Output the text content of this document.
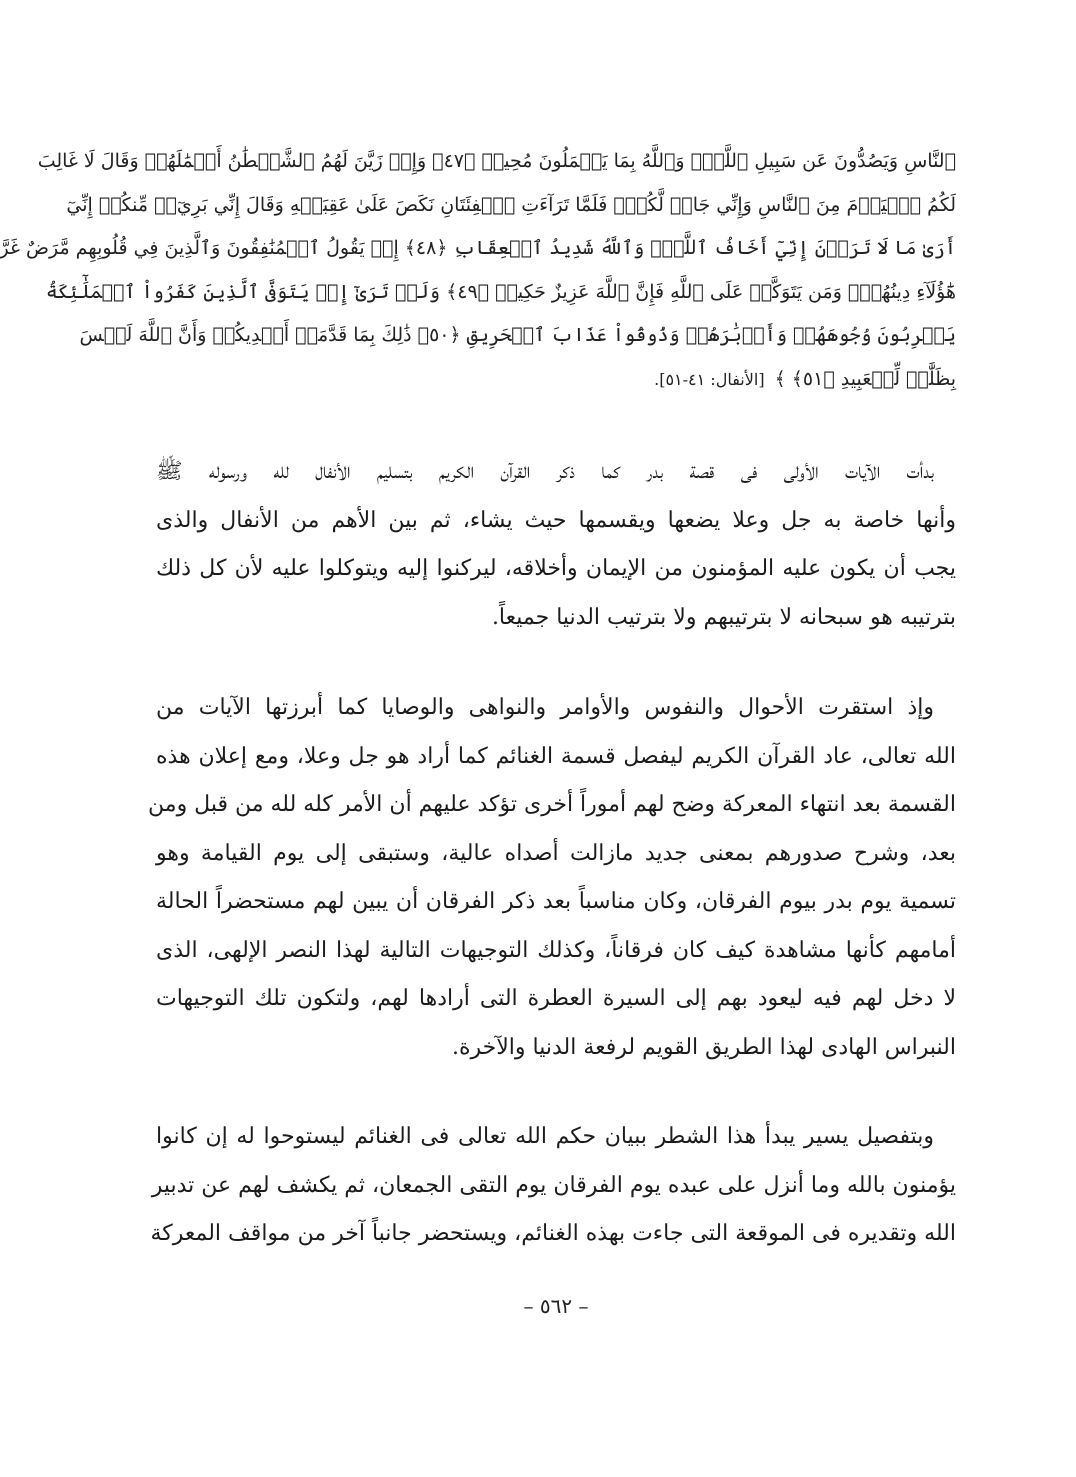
ٱلنَّاسِ وَيَصُدُّونَ عَن سَبِيلِ ٱللَّهِۚ وَٱللَّهُ بِمَا يَعۡمَلُونَ مُحِيطٞ ﴿٤٧﴾ وَإِذۡ زَيَّنَ لَهُمُ ٱلشَّيۡطَٰنُ أَعۡمَٰلَهُمۡ وَقَالَ لَا غَالِبَ
لَكُمُ ٱلۡيَوۡمَ مِنَ ٱلنَّاسِ وَإِنِّي جَارٞ لَّكُمۡۖ فَلَمَّا تَرَآءَتِ ٱلۡفِئَتَانِ نَكَصَ عَلَىٰ عَقِبَيۡهِ وَقَالَ إِنِّي بَرِيٓءٞ مِّنكُمۡ إِنِّيٓ
أَرَىٰ مَا لَا تَرَوۡنَ إِنِّيٓ أَخَافُ ٱللَّهَۚ وَٱللَّهُ شَدِيدُ ٱلۡعِقَابِ ﴿٤٨﴾ إِذۡ يَقُولُ ٱلۡمُنَٰفِقُونَ وَٱلَّذِينَ فِي قُلُوبِهِم مَّرَضٌ غَرَّ
هَٰٓؤُلَآءِ دِينُهُمۡۗ وَمَن يَتَوَكَّلۡ عَلَى ٱللَّهِ فَإِنَّ ٱللَّهَ عَزِيزٌ حَكِيمٞ ﴿٤٩﴾ وَلَوۡ تَرَىٰٓ إِذۡ يَتَوَفَّى ٱلَّذِينَ كَفَرُواْ ٱلۡمَلَٰٓئِكَةُ
يَضۡرِبُونَ وُجُوهَهُمۡ وَأَدۡبَٰرَهُمۡ وَذُوقُواْ عَذَابَ ٱلۡحَرِيقِ ﴿٥٠﴾ ذَٰلِكَ بِمَا قَدَّمَتۡ أَيۡدِيكُمۡ وَأَنَّ ٱللَّهَ لَيۡسَ
بِظَلَّٰمٖ لِّلۡعَبِيدِ ﴿٥١﴾ ﴾ [الأنفال: ٤١-٥١].
بدأت الآيات الأولى فى قصة بدر كما ذكر القرآن الكريم بتسليم الأنفال لله ورسوله ﷺ
وأنها خاصة به جل وعلا يضعها ويقسمها حيث يشاء، ثم بين الأهم من الأنفال والذى
يجب أن يكون عليه المؤمنون من الإيمان وأخلاقه، ليركنوا إليه ويتوكلوا عليه لأن كل ذلك
بترتيبه هو سبحانه لا بترتيبهم ولا بترتيب الدنيا جميعاً.
وإذ استقرت الأحوال والنفوس والأوامر والنواهى والوصايا كما أبرزتها الآيات من
الله تعالى، عاد القرآن الكريم ليفصل قسمة الغنائم كما أراد هو جل وعلا، ومع إعلان هذه
القسمة بعد انتهاء المعركة وضح لهم أموراً أخرى تؤكد عليهم أن الأمر كله لله من قبل ومن
بعد، وشرح صدورهم بمعنى جديد مازالت أصداه عالية، وستبقى إلى يوم القيامة وهو
تسمية يوم بدر بيوم الفرقان، وكان مناسباً بعد ذكر الفرقان أن يبين لهم مستحضراً الحالة
أمامهم كأنها مشاهدة كيف كان فرقاناً، وكذلك التوجيهات التالية لهذا النصر الإلهى، الذى
لا دخل لهم فيه ليعود بهم إلى السيرة العطرة التى أرادها لهم، ولتكون تلك التوجيهات
النبراس الهادى لهذا الطريق القويم لرفعة الدنيا والآخرة.
وبتفصيل يسير يبدأ هذا الشطر ببيان حكم الله تعالى فى الغنائم ليستوحوا له إن كانوا
يؤمنون بالله وما أنزل على عبده يوم الفرقان يوم التقى الجمعان، ثم يكشف لهم عن تدبير
الله وتقديره فى الموقعة التى جاءت بهذه الغنائم، ويستحضر جانباً آخر من مواقف المعركة
– ٥٦٢ –
